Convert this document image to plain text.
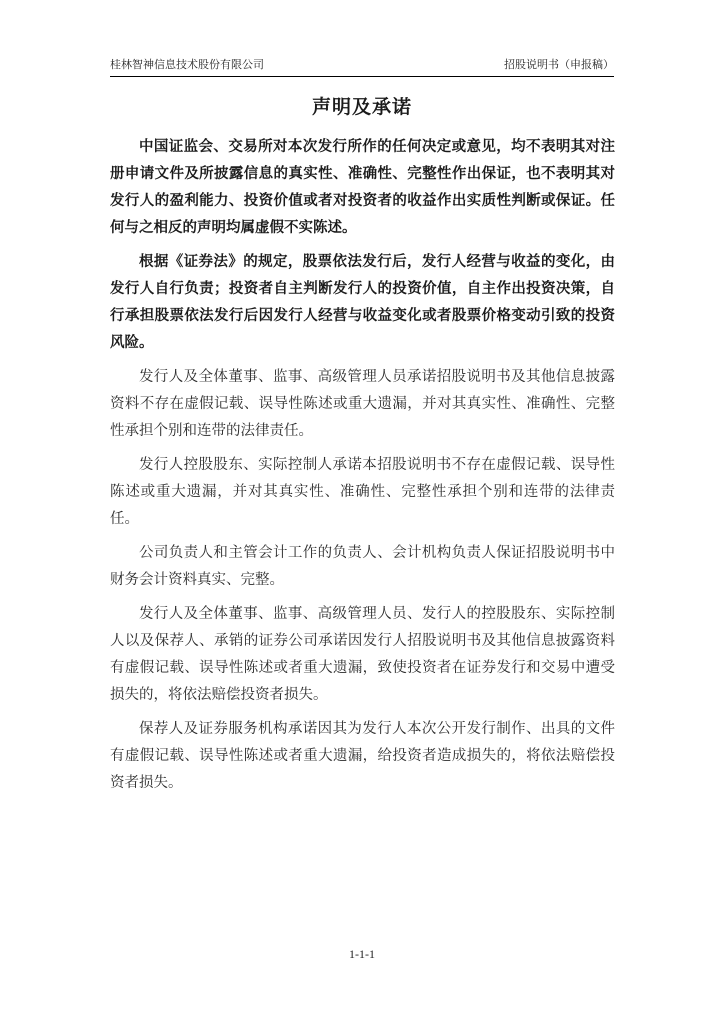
桂林智神信息技术股份有限公司	招股说明书（申报稿）
声明及承诺

中国证监会、交易所对本次发行所作的任何决定或意见，均不表明其对注册申请文件及所披露信息的真实性、准确性、完整性作出保证，也不表明其对发行人的盈利能力、投资价值或者对投资者的收益作出实质性判断或保证。任何与之相反的声明均属虚假不实陈述。

根据《证券法》的规定，股票依法发行后，发行人经营与收益的变化，由发行人自行负责；投资者自主判断发行人的投资价值，自主作出投资决策，自行承担股票依法发行后因发行人经营与收益变化或者股票价格变动引致的投资风险。

发行人及全体董事、监事、高级管理人员承诺招股说明书及其他信息披露资料不存在虚假记载、误导性陈述或重大遗漏，并对其真实性、准确性、完整性承担个别和连带的法律责任。

发行人控股股东、实际控制人承诺本招股说明书不存在虚假记载、误导性陈述或重大遗漏，并对其真实性、准确性、完整性承担个别和连带的法律责任。

公司负责人和主管会计工作的负责人、会计机构负责人保证招股说明书中财务会计资料真实、完整。

发行人及全体董事、监事、高级管理人员、发行人的控股股东、实际控制人以及保荐人、承销的证券公司承诺因发行人招股说明书及其他信息披露资料有虚假记载、误导性陈述或者重大遗漏，致使投资者在证券发行和交易中遭受损失的，将依法赔偿投资者损失。

保荐人及证券服务机构承诺因其为发行人本次公开发行制作、出具的文件有虚假记载、误导性陈述或者重大遗漏，给投资者造成损失的，将依法赔偿投资者损失。

1-1-1
